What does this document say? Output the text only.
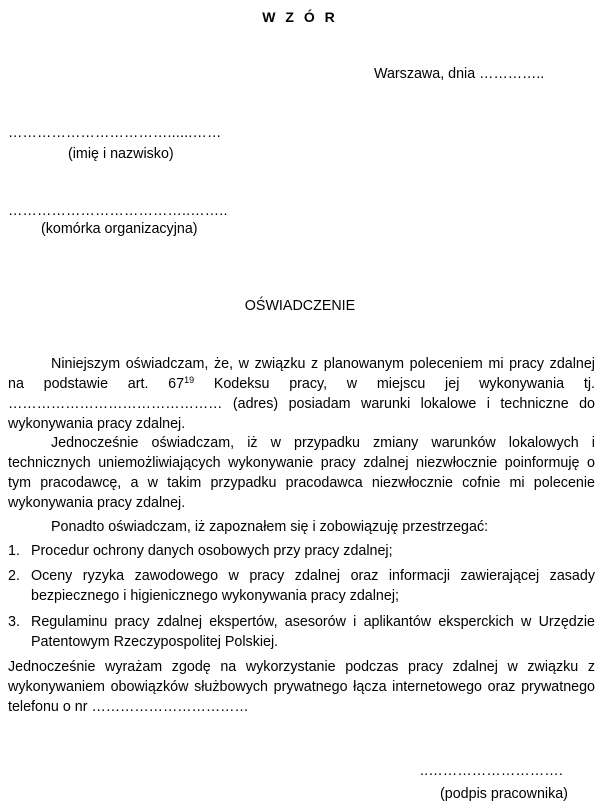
W Z Ó R
Warszawa, dnia …………..
……………………………......……
(imię i nazwisko)
………………………………..……..
(komórka organizacyjna)
OŚWIADCZENIE
Niniejszym oświadczam, że, w związku z planowanym poleceniem mi pracy zdalnej na podstawie art. $67^{19}$ Kodeksu pracy, w miejscu jej wykonywania tj. ……………………………………… (adres) posiadam warunki lokalowe i techniczne do wykonywania pracy zdalnej.
Jednocześnie oświadczam, iż w przypadku zmiany warunków lokalowych i technicznych uniemożliwiających wykonywanie pracy zdalnej niezwłocznie poinformuję o tym pracodawcę, a w takim przypadku pracodawca niezwłocznie cofnie mi polecenie wykonywania pracy zdalnej.
Ponadto oświadczam, iż zapoznałem się i zobowiązuję przestrzegać:
1. Procedur ochrony danych osobowych przy pracy zdalnej;
2. Oceny ryzyka zawodowego w pracy zdalnej oraz informacji zawierającej zasady bezpiecznego i higienicznego wykonywania pracy zdalnej;
3. Regulaminu pracy zdalnej ekspertów, asesorów i aplikantów eksperckich w Urzędzie Patentowym Rzeczypospolitej Polskiej.
Jednocześnie wyrażam zgodę na wykorzystanie podczas pracy zdalnej w związku z wykonywaniem obowiązków służbowych prywatnego łącza internetowego oraz prywatnego telefonu o nr ……………………………
..……………………….
(podpis pracownika)
